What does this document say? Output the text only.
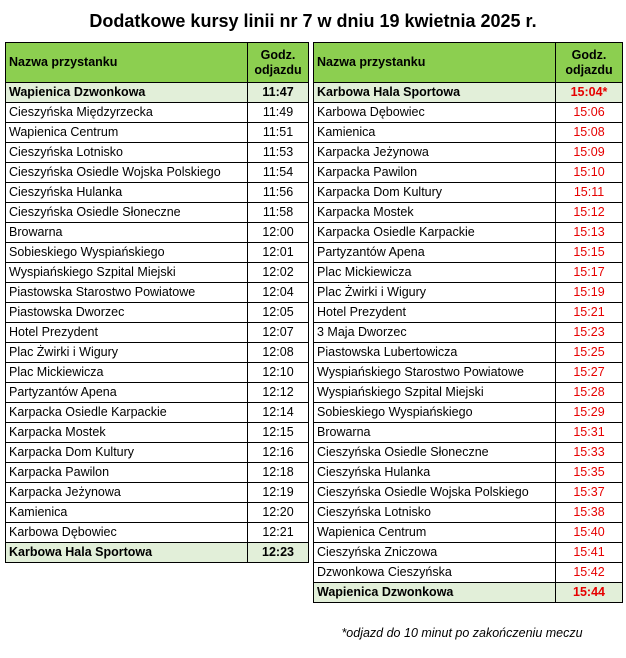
Dodatkowe kursy linii nr 7 w dniu 19 kwietnia 2025 r.
Nazwa przystanku	Godz.
odjazdu
Wapienica Dzwonkowa	11:47
Cieszyńska Międzyrzecka	11:49
Wapienica Centrum	11:51
Cieszyńska Lotnisko	11:53
Cieszyńska Osiedle Wojska Polskiego	11:54
Cieszyńska Hulanka	11:56
Cieszyńska Osiedle Słoneczne	11:58
Browarna	12:00
Sobieskiego Wyspiańskiego	12:01
Wyspiańskiego Szpital Miejski	12:02
Piastowska Starostwo Powiatowe	12:04
Piastowska Dworzec	12:05
Hotel Prezydent	12:07
Plac Żwirki i Wigury	12:08
Plac Mickiewicza	12:10
Partyzantów Apena	12:12
Karpacka Osiedle Karpackie	12:14
Karpacka Mostek	12:15
Karpacka Dom Kultury	12:16
Karpacka Pawilon	12:18
Karpacka Jeżynowa	12:19
Kamienica	12:20
Karbowa Dębowiec	12:21
Karbowa Hala Sportowa	12:23
Nazwa przystanku	Godz.
odjazdu
Karbowa Hala Sportowa	15:04*
Karbowa Dębowiec	15:06
Kamienica	15:08
Karpacka Jeżynowa	15:09
Karpacka Pawilon	15:10
Karpacka Dom Kultury	15:11
Karpacka Mostek	15:12
Karpacka Osiedle Karpackie	15:13
Partyzantów Apena	15:15
Plac Mickiewicza	15:17
Plac Żwirki i Wigury	15:19
Hotel Prezydent	15:21
3 Maja Dworzec	15:23
Piastowska Lubertowicza	15:25
Wyspiańskiego Starostwo Powiatowe	15:27
Wyspiańskiego Szpital Miejski	15:28
Sobieskiego Wyspiańskiego	15:29
Browarna	15:31
Cieszyńska Osiedle Słoneczne	15:33
Cieszyńska Hulanka	15:35
Cieszyńska Osiedle Wojska Polskiego	15:37
Cieszyńska Lotnisko	15:38
Wapienica Centrum	15:40
Cieszyńska Zniczowa	15:41
Dzwonkowa Cieszyńska	15:42
Wapienica Dzwonkowa	15:44
*odjazd do 10 minut po zakończeniu meczu
